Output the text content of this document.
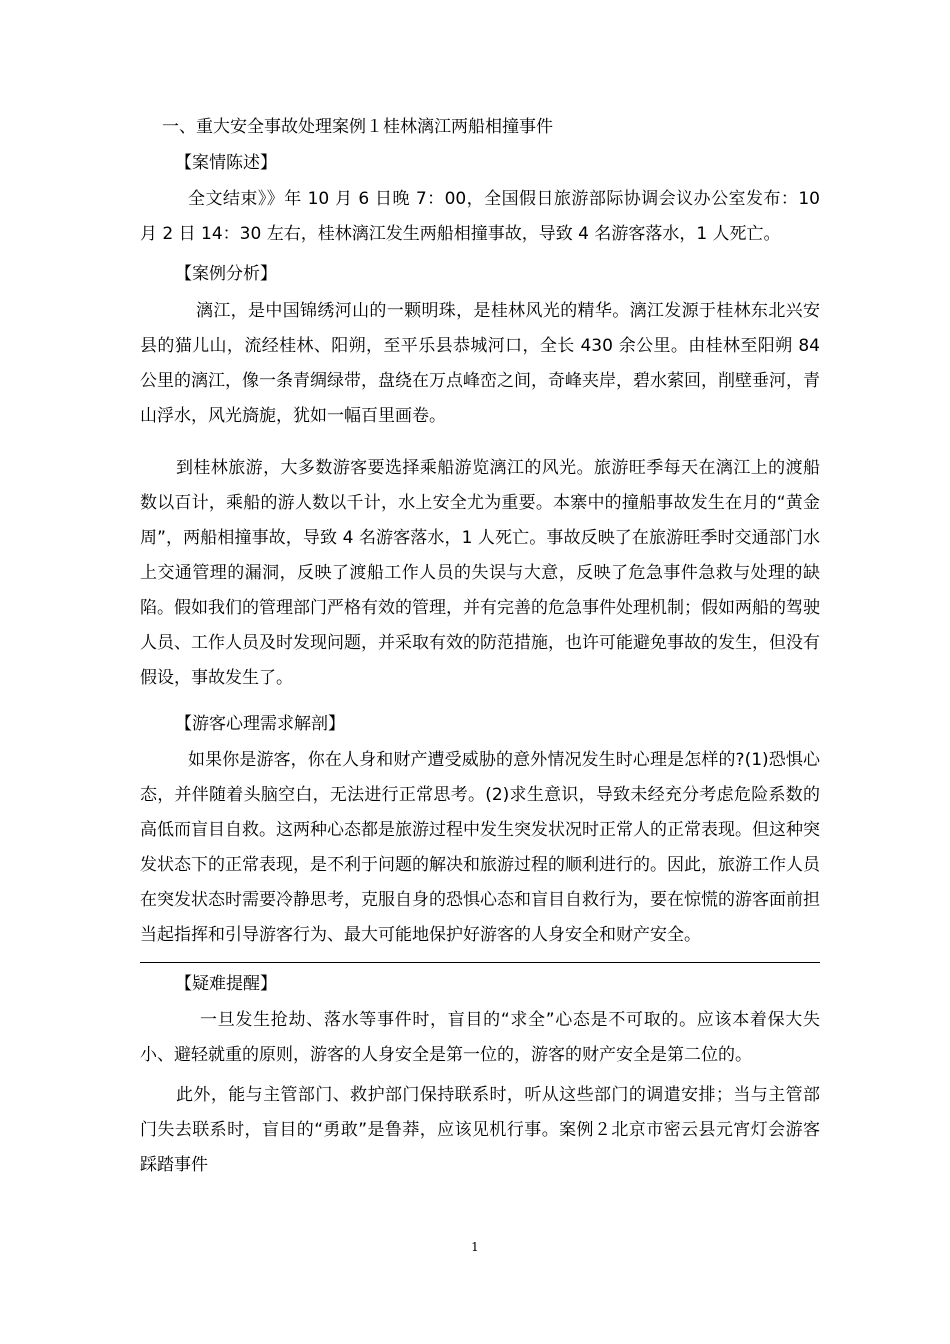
一、重大安全事故处理案例１桂林漓江两船相撞事件

【案情陈述】

全文结束》》年 10 月 6 日晚 7：00，全国假日旅游部际协调会议办公室发布：10 月 2 日 14：30 左右，桂林漓江发生两船相撞事故，导致 4 名游客落水，1 人死亡。

【案例分析】

漓江，是中国锦绣河山的一颗明珠，是桂林风光的精华。漓江发源于桂林东北兴安县的猫儿山，流经桂林、阳朔，至平乐县恭城河口，全长 430 余公里。由桂林至阳朔 84 公里的漓江，像一条青绸绿带，盘绕在万点峰峦之间，奇峰夹岸，碧水萦回，削壁垂河，青山浮水，风光旖旎，犹如一幅百里画卷。

到桂林旅游，大多数游客要选择乘船游览漓江的风光。旅游旺季每天在漓江上的渡船数以百计，乘船的游人数以千计，水上安全尤为重要。本寨中的撞船事故发生在月的“黄金周”，两船相撞事故，导致 4 名游客落水，1 人死亡。事故反映了在旅游旺季时交通部门水上交通管理的漏洞，反映了渡船工作人员的失误与大意，反映了危急事件急救与处理的缺陷。假如我们的管理部门严格有效的管理，并有完善的危急事件处理机制；假如两船的驾驶人员、工作人员及时发现问题，并采取有效的防范措施，也许可能避免事故的发生，但没有假设，事故发生了。

【游客心理需求解剖】

如果你是游客，你在人身和财产遭受威胁的意外情况发生时心理是怎样的?(1)恐惧心态，并伴随着头脑空白，无法进行正常思考。(2)求生意识，导致未经充分考虑危险系数的高低而盲目自救。这两种心态都是旅游过程中发生突发状况时正常人的正常表现。但这种突发状态下的正常表现，是不利于问题的解决和旅游过程的顺利进行的。因此，旅游工作人员在突发状态时需要冷静思考，克服自身的恐惧心态和盲目自救行为，要在惊慌的游客面前担当起指挥和引导游客行为、最大可能地保护好游客的人身安全和财产安全。

【疑难提醒】

一旦发生抢劫、落水等事件时，盲目的“求全”心态是不可取的。应该本着保大失小、避轻就重的原则，游客的人身安全是第一位的，游客的财产安全是第二位的。

此外，能与主管部门、救护部门保持联系时，听从这些部门的调遣安排；当与主管部门失去联系时，盲目的“勇敢”是鲁莽，应该见机行事。案例２北京市密云县元宵灯会游客踩踏事件

1
